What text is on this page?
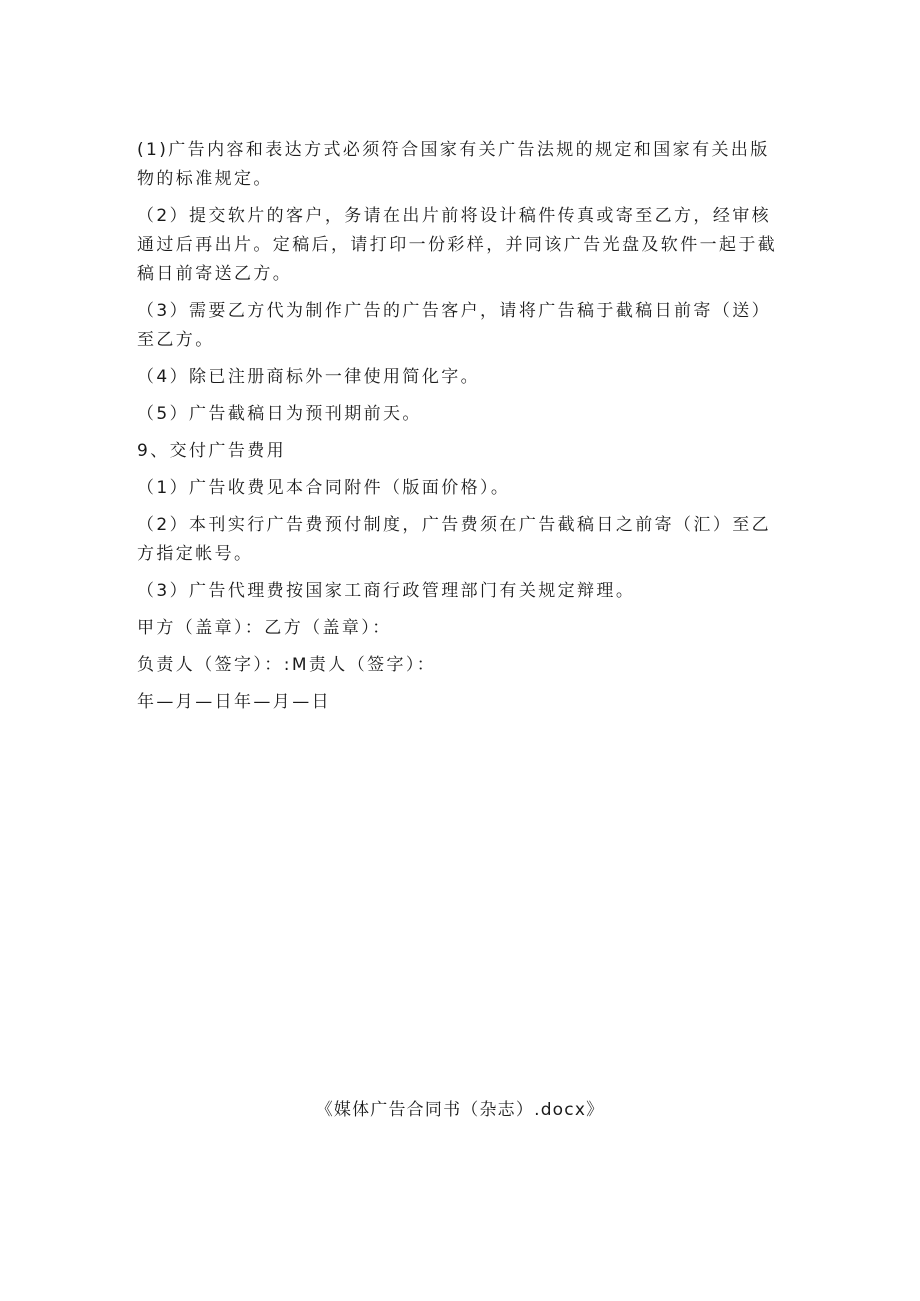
(1)广告内容和表达方式必须符合国家有关广告法规的规定和国家有关出版物的标准规定。

（2）提交软片的客户，务请在出片前将设计稿件传真或寄至乙方，经审核通过后再出片。定稿后，请打印一份彩样，并同该广告光盘及软件一起于截稿日前寄送乙方。

（3）需要乙方代为制作广告的广告客户，请将广告稿于截稿日前寄（送）至乙方。

（4）除已注册商标外一律使用简化字。

（5）广告截稿日为预刊期前天。

9、交付广告费用

（1）广告收费见本合同附件（版面价格）。

（2）本刊实行广告费预付制度，广告费须在广告截稿日之前寄（汇）至乙方指定帐号。

（3）广告代理费按国家工商行政管理部门有关规定辩理。

甲方（盖章）：乙方（盖章）：

负责人（签字）：:M责人（签字）：

年—月—日年—月—日

《媒体广告合同书（杂志）.docx》
